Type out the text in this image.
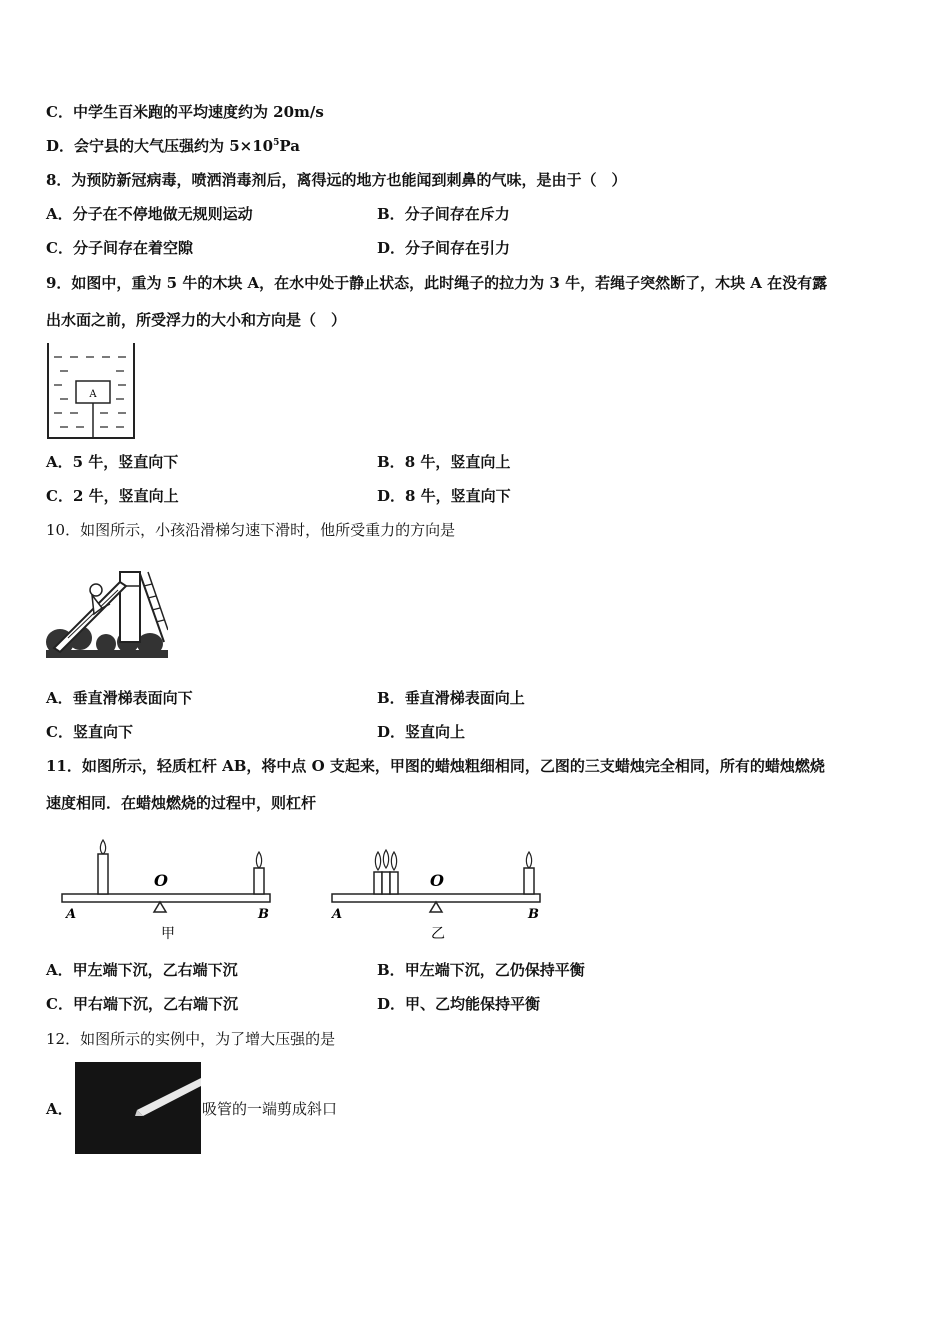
C．中学生百米跑的平均速度约为 20m/s
D．会宁县的大气压强约为 $5\times 10^5Pa$
8．为预防新冠病毒，喷洒消毒剂后，离得远的地方也能闻到刺鼻的气味，是由于（　）
A．分子在不停地做无规则运动	B．分子间存在斥力
C．分子间存在着空隙	D．分子间存在引力
9．如图中，重为 5 牛的木块 A，在水中处于静止状态，此时绳子的拉力为 3 牛，若绳子突然断了，木块 A 在没有露
出水面之前，所受浮力的大小和方向是（　）
A
A．5 牛，竖直向下	B．8 牛，竖直向上
C．2 牛，竖直向上	D．8 牛，竖直向下
10．如图所示，小孩沿滑梯匀速下滑时，他所受重力的方向是
A．垂直滑梯表面向下	B．垂直滑梯表面向上
C．竖直向下	D．竖直向上
11．如图所示，轻质杠杆 AB，将中点 O 支起来，甲图的蜡烛粗细相同，乙图的三支蜡烛完全相同，所有的蜡烛燃烧
速度相同．在蜡烛燃烧的过程中，则杠杆
A
O
B
甲
A
O
B
乙
A．甲左端下沉，乙右端下沉	B．甲左端下沉，乙仍保持平衡
C．甲右端下沉，乙右端下沉	D．甲、乙均能保持平衡
12．如图所示的实例中，为了增大压强的是
A．	吸管的一端剪成斜口
